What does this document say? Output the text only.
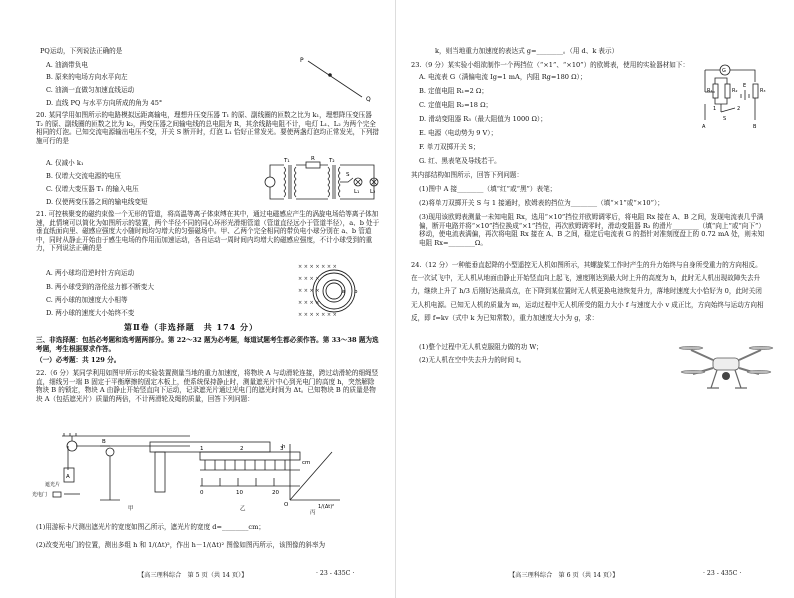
PQ运动，下列说法正确的是
A. 油滴带负电
B. 原来的电场方向水平向左
C. 油滴一直做匀加速直线运动
D. 直线 PQ 与水平方向所成的角为 45°
P
Q
20. 某同学用如图所示的电路模拟远距离输电，理想升压变压器 T₁ 的原、副线圈的匝数之比为 k₁，理想降压变压器 T₂ 的原、副线圈的匝数之比为 k₂，两变压器之间输电线的总电阻为 R，其余线路电阻不计，电灯 L₁、L₂ 为两个完全相同的灯泡。已知交流电源输出电压不变，开关 S 断开时，灯泡 L₁ 恰好正常发光。要使两盏灯泡均正常发光，下列措施可行的是
A. 仅减小 k₁
B. 仅增大交流电源的电压
C. 仅增大变压器 T₁ 的输入电压
D. 仅使两变压器之间的输电线变短
T₁	R	T₂
S
L₁ L₂
21. 可控核聚变的磁约束像一个无形的管道，将高温等离子体束缚在其中，通过电磁感应产生的涡旋电场给等离子体加速，此情境可以简化为如图所示的装置，两个半径不同的同心环形光滑细管道（管道直径远小于管道半径），a、b 处于垂直纸面向里、磁感应强度大小随时间均匀增大的匀强磁场中。甲、乙两个完全相同的带负电小球分别在 a、b 管道中，同时从静止开始由于感生电场的作用而加速运动，各自运动一周时间内均增大的磁感应强度，不计小球受到的重力，下列说法正确的是
A. 两小球均沿逆时针方向运动
B. 两小球受到的洛伦兹力都不断变大
C. 两小球的加速度大小相等
D. 两小球的速度大小始终不变
× × × × × × ×
× × × ×
× × × ×
× × × ×
× × × × × × ×
a b
第Ⅱ卷（非选择题　共 174 分）
三、非选择题：包括必考题和选考题两部分。第 22～32 题为必考题，每道试题考生都必须作答。第 33～38 题为选考题，考生根据要求作答。
（一）必考题：共 129 分。
22.（6 分）某同学利用如图甲所示的实验装置测量当地的重力加速度，将物块 A 与动滑轮连接，跨过动滑轮的细绳竖直，细线另一端 B 固定于平衡摩擦的固定木板上，使系统保持静止时，测量遮光片中心到光电门的高度 h，突然解除物块 B 的锁定，物块 A 由静止开始竖直向下运动，记录遮光片通过光电门的遮光时间为 Δt。已知物块 B 的质量是物块 A（包括遮光片）质量的两倍，不计两滑轮及绳的质量，回答下列问题：
1	2	3
cm
0	10	20
h
O	1/(Δt)²
B
A
遮光片
光电门
甲	乙
丙
(1)用游标卡尺测出遮光片的宽度如图乙所示，遮光片的宽度 d=________cm；
(2)改变光电门的位置，测出多组 h 和 1/(Δt)²，作出 h－1/(Δt)² 图像如图丙所示，该图像的斜率为
【高三理科综合　第 5 页（共 14 页）】	· 23 - 435C ·
k，则当地重力加速度的表达式 g=________。（用 d、k 表示）
23.（9 分）某实验小组欲制作一个两挡位（“×1”、“×10”）的欧姆表，使用的实验器材如下：
A. 电流表 G（满偏电流 Ig=1 mA，内阻 Rg=180 Ω）；
B. 定值电阻 R₁=2 Ω；
C. 定值电阻 R₂=18 Ω；
D. 滑动变阻器 R₃（最大阻值为 1000 Ω）；
E. 电源（电动势为 9 V）；
F. 单刀双掷开关 S；
G. 红、黑表笔及导线若干。
其内部结构如图所示，回答下列问题：
G
R₁	R₂	R₃
E
S
1	2
A	B
(1)图中 A 接________（填“红”或“黑”）表笔；
(2)将单刀双掷开关 S 与 1 接通时，欧姆表的挡位为________（填“×1”或“×10”）；
(3)现用该欧姆表测量一未知电阻 Rx，选用“×10”挡位并欧姆调零后，将电阻 Rx 接在 A、B 之间，发现电流表几乎满偏，断开电路并将“×10”挡位换成“×1”挡位，再次欧姆调零时，滑动变阻器 R₃ 的滑片________（填“向上”或“向下”）移动，使电流表满偏，再次将电阻 Rx 接在 A、B 之间，稳定后电流表 G 的指针对准刻度盘上的 0.72 mA 处，则未知电阻 Rx=________Ω。
24.（12 分）一种能垂直起降的小型遥控无人机如图所示，其螺旋桨工作时产生的升力始终与自身所受重力的方向相反。在一次试飞中，无人机从地面由静止开始竖直向上起飞，速度刚达到最大时上升的高度为 h，此时无人机出现故障失去升力，继续上升了 h/3 后刚好达最高点，在下降到某位置时无人机更换电池恢复升力，落地时速度大小恰好为 0，此时关闭无人机电源。已知无人机的质量为 m，运动过程中无人机所受的阻力大小 f 与速度大小 v 成正比，方向始终与运动方向相反，即 f=kv（式中 k 为已知常数），重力加速度大小为 g，求：
(1)整个过程中无人机克服阻力做的功 W；
(2)无人机在空中失去升力的时间 t。
【高三理科综合　第 6 页（共 14 页）】	· 23 - 435C ·
